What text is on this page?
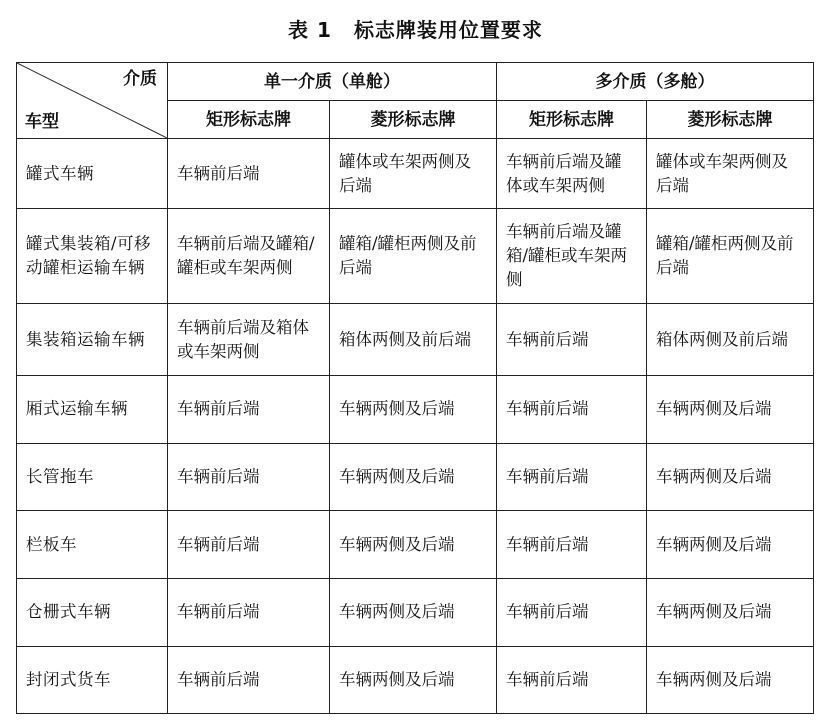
表 1 标志牌装用位置要求
介质
车型	单一介质（单舱）		多介质（多舱）	
	矩形标志牌	菱形标志牌	矩形标志牌	菱形标志牌
罐式车辆	车辆前后端	罐体或车架两侧及后端	车辆前后端及罐体或车架两侧	罐体或车架两侧及后端
罐式集装箱/可移动罐柜运输车辆	车辆前后端及罐箱/罐柜或车架两侧	罐箱/罐柜两侧及前后端	车辆前后端及罐箱/罐柜或车架两侧	罐箱/罐柜两侧及前后端
集装箱运输车辆	车辆前后端及箱体或车架两侧	箱体两侧及前后端	车辆前后端	箱体两侧及前后端
厢式运输车辆	车辆前后端	车辆两侧及后端	车辆前后端	车辆两侧及后端
长管拖车	车辆前后端	车辆两侧及后端	车辆前后端	车辆两侧及后端
栏板车	车辆前后端	车辆两侧及后端	车辆前后端	车辆两侧及后端
仓栅式车辆	车辆前后端	车辆两侧及后端	车辆前后端	车辆两侧及后端
封闭式货车	车辆前后端	车辆两侧及后端	车辆前后端	车辆两侧及后端
